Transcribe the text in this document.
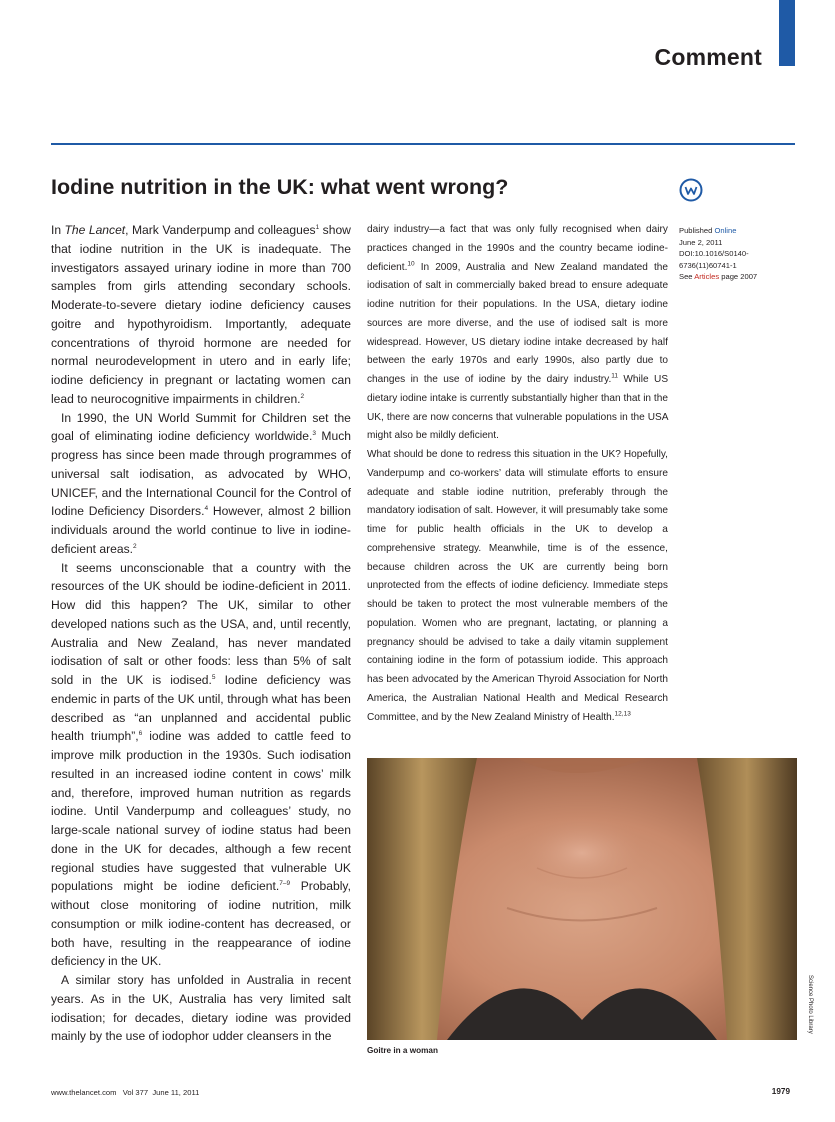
Comment
Iodine nutrition in the UK: what went wrong?

In The Lancet, Mark Vanderpump and colleagues$^1$ show that iodine nutrition in the UK is inadequate. The investigators assayed urinary iodine in more than 700 samples from girls attending secondary schools. Moderate-to-severe dietary iodine deficiency causes goitre and hypothyroidism. Importantly, adequate concentrations of thyroid hormone are needed for normal neurodevelopment in utero and in early life; iodine deficiency in pregnant or lactating women can lead to neurocognitive impairments in children.$^2$

In 1990, the UN World Summit for Children set the goal of eliminating iodine deficiency worldwide.$^3$ Much progress has since been made through programmes of universal salt iodisation, as advocated by WHO, UNICEF, and the International Council for the Control of Iodine Deficiency Disorders.$^4$ However, almost 2 billion individuals around the world continue to live in iodine-deficient areas.$^2$

It seems unconscionable that a country with the resources of the UK should be iodine-deficient in 2011. How did this happen? The UK, similar to other developed nations such as the USA, and, until recently, Australia and New Zealand, has never mandated iodisation of salt or other foods: less than 5% of salt sold in the UK is iodised.$^5$ Iodine deficiency was endemic in parts of the UK until, through what has been described as “an unplanned and accidental public health triumph”,$^6$ iodine was added to cattle feed to improve milk production in the 1930s. Such iodisation resulted in an increased iodine content in cows’ milk and, therefore, improved human nutrition as regards iodine. Until Vanderpump and colleagues’ study, no large-scale national survey of iodine status had been done in the UK for decades, although a few recent regional studies have suggested that vulnerable UK populations might be iodine deficient.$^{7-9}$ Probably, without close monitoring of iodine nutrition, milk consumption or milk iodine-content has decreased, or both have, resulting in the reappearance of iodine deficiency in the UK.

A similar story has unfolded in Australia in recent years. As in the UK, Australia has very limited salt iodisation; for decades, dietary iodine was provided mainly by the use of iodophor udder cleansers in the

dairy industry—a fact that was only fully recognised when dairy practices changed in the 1990s and the country became iodine-deficient.$^{10}$ In 2009, Australia and New Zealand mandated the iodisation of salt in commercially baked bread to ensure adequate iodine nutrition for their populations. In the USA, dietary iodine sources are more diverse, and the use of iodised salt is more widespread. However, US dietary iodine intake decreased by half between the early 1970s and early 1990s, also partly due to changes in the use of iodine by the dairy industry.$^{11}$ While US dietary iodine intake is currently substantially higher than that in the UK, there are now concerns that vulnerable populations in the USA might also be mildly deficient.

What should be done to redress this situation in the UK? Hopefully, Vanderpump and co-workers’ data will stimulate efforts to ensure adequate and stable iodine nutrition, preferably through the mandatory iodisation of salt. However, it will presumably take some time for public health officials in the UK to develop a comprehensive strategy. Meanwhile, time is of the essence, because children across the UK are currently being born unprotected from the effects of iodine deficiency. Immediate steps should be taken to protect the most vulnerable members of the population. Women who are pregnant, lactating, or planning a pregnancy should be advised to take a daily vitamin supplement containing iodine in the form of potassium iodide. This approach has been advocated by the American Thyroid Association for North America, the Australian National Health and Medical Research Committee, and by the New Zealand Ministry of Health.$^{12,13}$

Published Online
June 2, 2011
DOI:10.1016/S0140-
6736(11)60741-1
See Articles page 2007
Science Photo Library
Goitre in a woman
www.thelancet.com Vol 377 June 11, 2011	1979
